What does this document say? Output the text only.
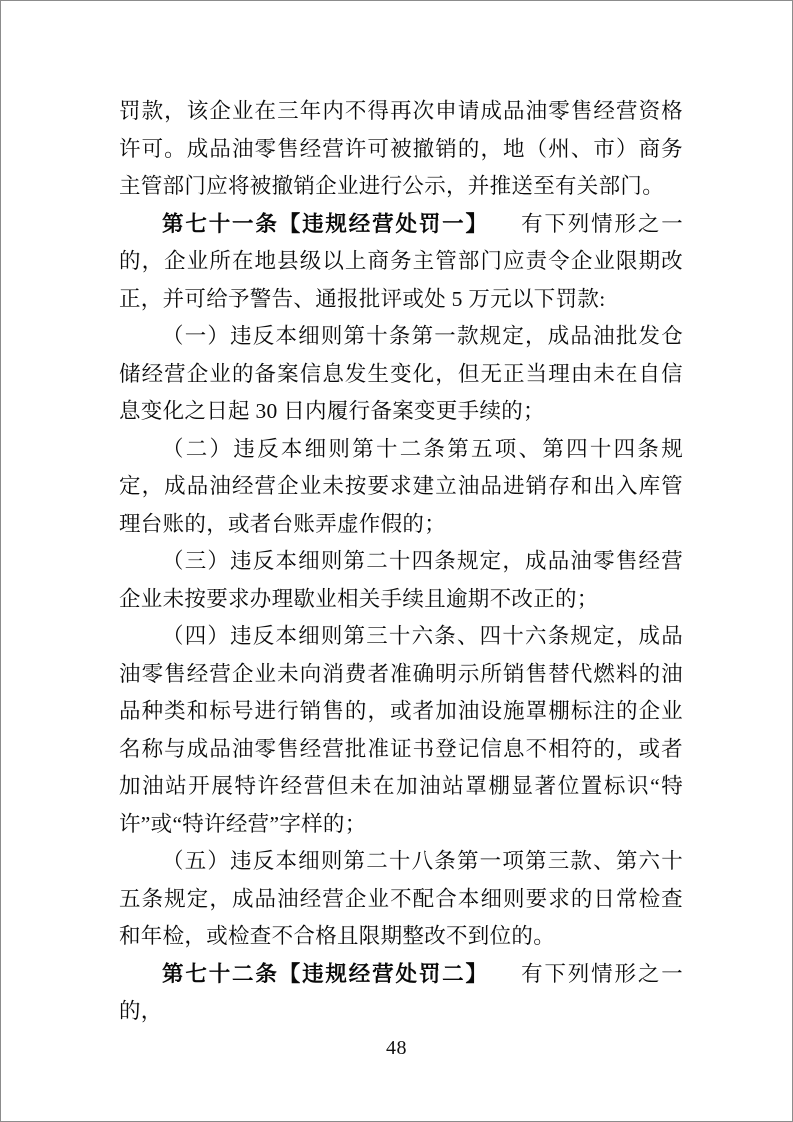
罚款，该企业在三年内不得再次申请成品油零售经营资格许可。成品油零售经营许可被撤销的，地（州、市）商务主管部门应将被撤销企业进行公示，并推送至有关部门。

第七十一条【违规经营处罚一】 有下列情形之一的，企业所在地县级以上商务主管部门应责令企业限期改正，并可给予警告、通报批评或处 5 万元以下罚款:

（一）违反本细则第十条第一款规定，成品油批发仓储经营企业的备案信息发生变化，但无正当理由未在自信息变化之日起 30 日内履行备案变更手续的；

（二）违反本细则第十二条第五项、第四十四条规定，成品油经营企业未按要求建立油品进销存和出入库管理台账的，或者台账弄虚作假的；

（三）违反本细则第二十四条规定，成品油零售经营企业未按要求办理歇业相关手续且逾期不改正的；

（四）违反本细则第三十六条、四十六条规定，成品油零售经营企业未向消费者准确明示所销售替代燃料的油品种类和标号进行销售的，或者加油设施罩棚标注的企业名称与成品油零售经营批准证书登记信息不相符的，或者加油站开展特许经营但未在加油站罩棚显著位置标识“特许”或“特许经营”字样的；

（五）违反本细则第二十八条第一项第三款、第六十五条规定，成品油经营企业不配合本细则要求的日常检查和年检，或检查不合格且限期整改不到位的。

第七十二条【违规经营处罚二】 有下列情形之一的，

48
